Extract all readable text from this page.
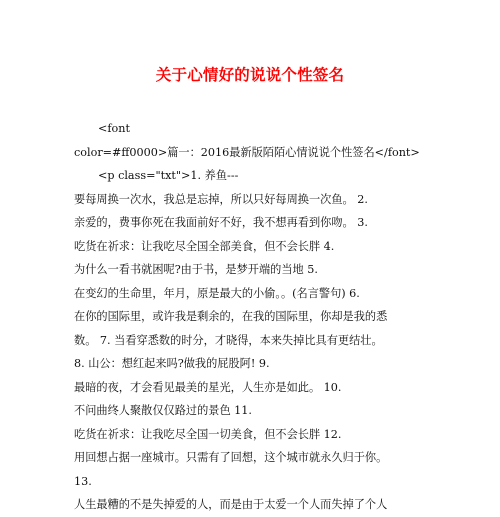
关于心情好的说说个性签名
<font
color=#ff0000>篇一：2016最新版陌陌心情说说个性签名</font>
<p class="txt">1. 养鱼---
要每周换一次水，我总是忘掉，所以只好每周换一次鱼。 2.
亲爱的，费事你死在我面前好不好，我不想再看到你吻。 3.
吃货在祈求：让我吃尽全国全部美食，但不会长胖 4.
为什么一看书就困呢?由于书，是梦开端的当地 5.
在变幻的生命里，年月，原是最大的小偷。。(名言警句) 6.
在你的国际里，或许我是剩余的，在我的国际里，你却是我的悉
数。 7. 当看穿悉数的时分，才晓得，本来失掉比具有更结壮。
8. 山公：想红起来吗?做我的屁股阿! 9.
最暗的夜，才会看见最美的星光，人生亦是如此。 10.
不问曲终人聚散仅仅路过的景色 11.
吃货在祈求：让我吃尽全国一切美食，但不会长胖 12.
用回想占据一座城市。只需有了回想，这个城市就永久归于你。
13.
人生最糟的不是失掉爱的人，而是由于太爱一个人而失掉了个人
